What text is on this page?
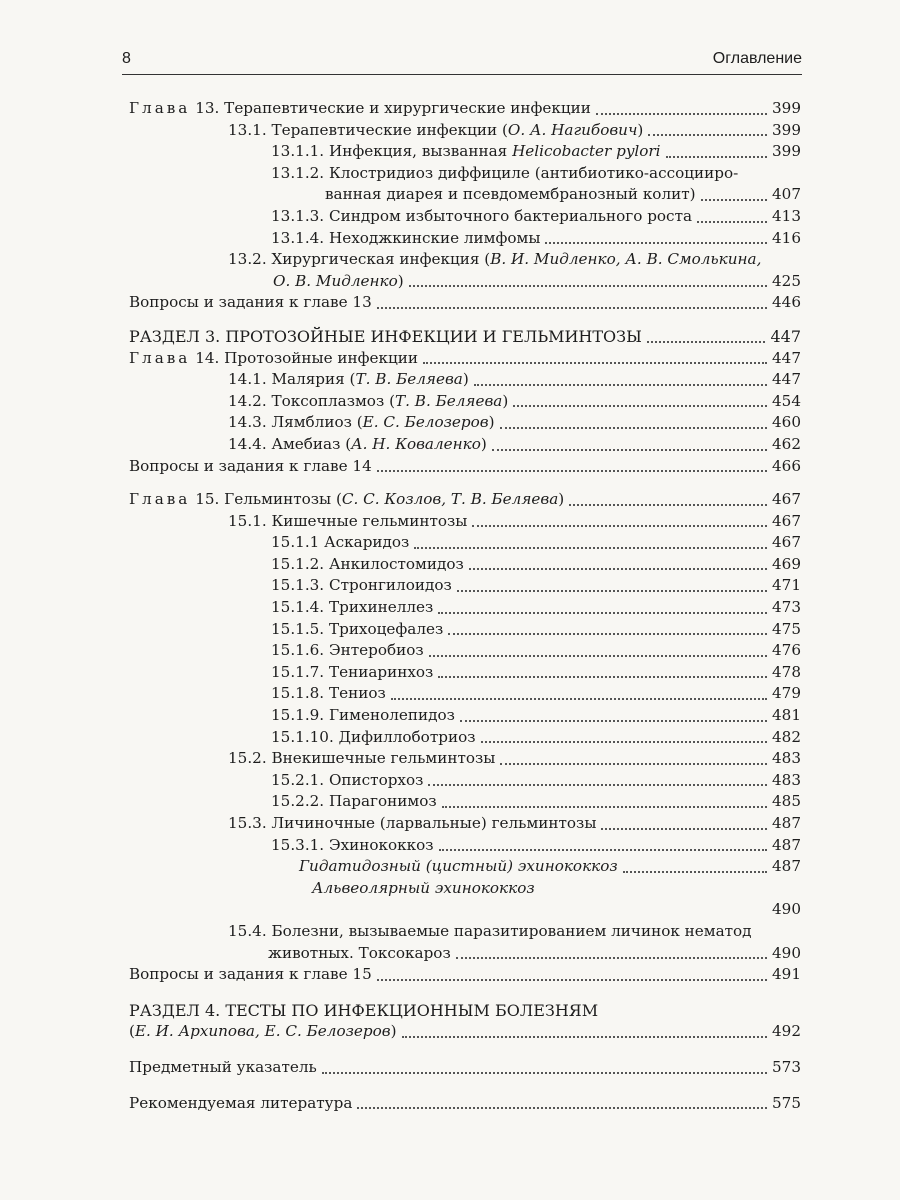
8	Оглавление
Глава 13. Терапевтические и хирургические инфекции	399
13.1. Терапевтические инфекции (О. А. Нагибович)	399
13.1.1. Инфекция, вызванная Helicobacter pylori	399
13.1.2. Клостридиоз диффициле (антибиотико-ассоцииро-
ванная диарея и псевдомембранозный колит)	407
13.1.3. Синдром избыточного бактериального роста	413
13.1.4. Неходжкинские лимфомы	416
13.2. Хирургическая инфекция (В. И. Мидленко, А. В. Смолькина,
О. В. Мидленко)	425
Вопросы и задания к главе 13	446
РАЗДЕЛ 3. ПРОТОЗОЙНЫЕ ИНФЕКЦИИ И ГЕЛЬМИНТОЗЫ	447
Глава 14. Протозойные инфекции	447
14.1. Малярия (Т. В. Беляева)	447
14.2. Токсоплазмоз (Т. В. Беляева)	454
14.3. Лямблиоз (Е. С. Белозеров)	460
14.4. Амебиаз (А. Н. Коваленко)	462
Вопросы и задания к главе 14	466
Глава 15. Гельминтозы (С. С. Козлов, Т. В. Беляева)	467
15.1. Кишечные гельминтозы	467
15.1.1 Аскаридоз	467
15.1.2. Анкилостомидоз	469
15.1.3. Стронгилоидоз	471
15.1.4. Трихинеллез	473
15.1.5. Трихоцефалез	475
15.1.6. Энтеробиоз	476
15.1.7. Тениаринхоз	478
15.1.8. Тениоз	479
15.1.9. Гименолепидоз	481
15.1.10. Дифиллоботриоз	482
15.2. Внекишечные гельминтозы	483
15.2.1. Описторхоз	483
15.2.2. Парагонимоз	485
15.3. Личиночные (ларвальные) гельминтозы	487
15.3.1. Эхинококкоз	487
Гидатидозный (цистный) эхинококкоз	487
Альвеолярный эхинококкоз
490
15.4. Болезни, вызываемые паразитированием личинок нематод
животных. Токсокароз	490
Вопросы и задания к главе 15	491
РАЗДЕЛ 4. ТЕСТЫ ПО ИНФЕКЦИОННЫМ БОЛЕЗНЯМ
(Е. И. Архипова, Е. С. Белозеров)	492
Предметный указатель	573
Рекомендуемая литература	575
